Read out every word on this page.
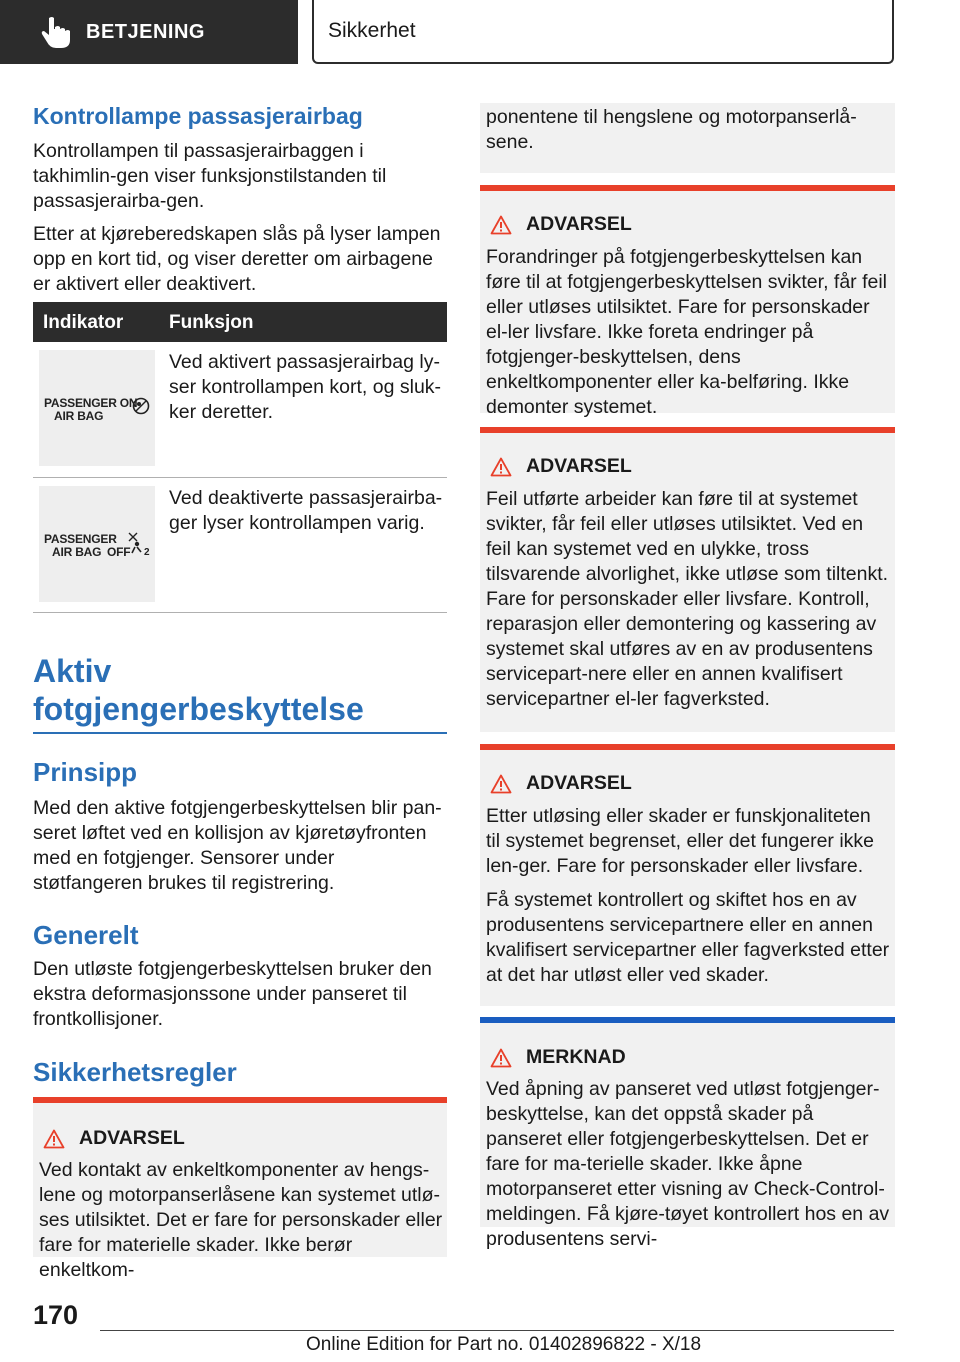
BETJENING	Sikkerhet
Kontrollampe passasjerairbag

Kontrollampen til passasjerairbaggen i takhimlin-gen viser funksjonstilstanden til passasjerairba-gen.

Etter at kjøreberedskapen slås på lyser lampen opp en kort tid, og viser deretter om airbagene er aktivert eller deaktivert.

Indikator Funksjon
PASSENGER ON
AIR BAG

Ved aktivert passasjerairbag ly-ser kontrollampen kort, og sluk-ker deretter.

PASSENGER
AIR BAG OFF 2

Ved deaktiverte passasjerairba-ger lyser kontrollampen varig.

Aktiv
fotgjengerbeskyttelse
Prinsipp

Med den aktive fotgjengerbeskyttelsen blir pan-seret løftet ved en kollisjon av kjøretøyfronten med en fotgjenger. Sensorer under støtfangeren brukes til registrering.

Generelt

Den utløste fotgjengerbeskyttelsen bruker den ekstra deformasjonssone under panseret til frontkollisjoner.

Sikkerhetsregler
ADVARSEL

Ved kontakt av enkeltkomponenter av hengs-lene og motorpanserlåsene kan systemet utlø-ses utilsiktet. Det er fare for personskader eller fare for materielle skader. Ikke berør enkeltkom-

ponentene til hengslene og motorpanserlå-sene.

ADVARSEL

Forandringer på fotgjengerbeskyttelsen kan føre til at fotgjengerbeskyttelsen svikter, får feil eller utløses utilsiktet. Fare for personskader el-ler livsfare. Ikke foreta endringer på fotgjenger-beskyttelsen, dens enkeltkomponenter eller ka-belføring. Ikke demonter systemet.

ADVARSEL

Feil utførte arbeider kan føre til at systemet svikter, får feil eller utløses utilsiktet. Ved en feil kan systemet ved en ulykke, tross tilsvarende alvorlighet, ikke utløse som tiltenkt. Fare for personskader eller livsfare. Kontroll, reparasjon eller demontering og kassering av systemet skal utføres av en av produsentens servicepart-nere eller en annen kvalifisert servicepartner el-ler fagverksted.

ADVARSEL

Etter utløsing eller skader er funskjonaliteten til systemet begrenset, eller det fungerer ikke len-ger. Fare for personskader eller livsfare.

Få systemet kontrollert og skiftet hos en av produsentens servicepartnere eller en annen kvalifisert servicepartner eller fagverksted etter at det har utløst eller ved skader.

MERKNAD

Ved åpning av panseret ved utløst fotgjenger-beskyttelse, kan det oppstå skader på panseret eller fotgjengerbeskyttelsen. Det er fare for ma-terielle skader. Ikke åpne motorpanseret etter visning av Check-Control-meldingen. Få kjøre-tøyet kontrollert hos en av produsentens servi-

170
Online Edition for Part no. 01402896822 - X/18
